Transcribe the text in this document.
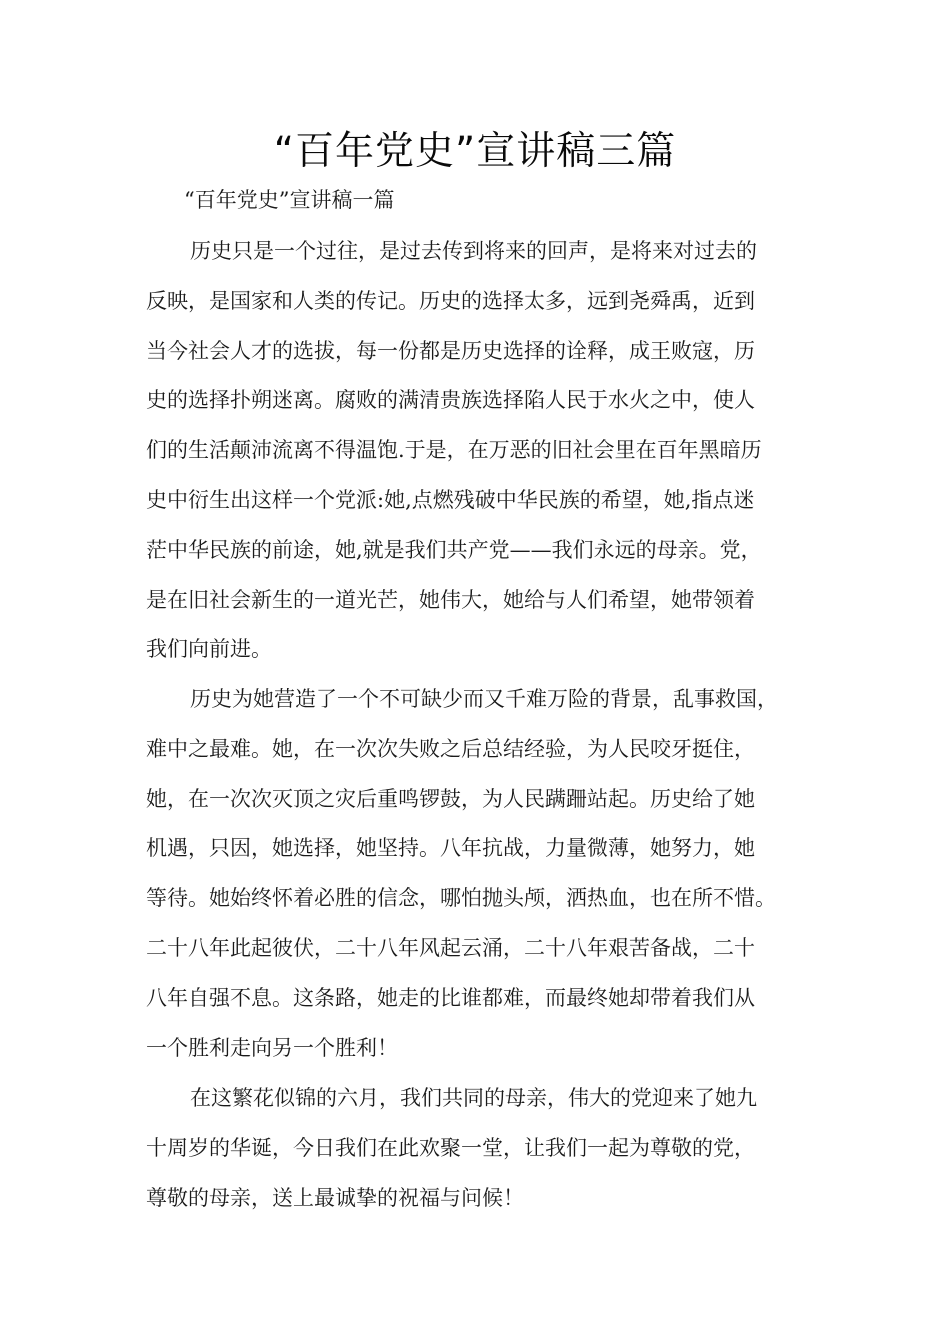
“百年党史”宣讲稿三篇

“百年党史”宣讲稿一篇

历史只是一个过往，是过去传到将来的回声，是将来对过去的
反映，是国家和人类的传记。历史的选择太多，远到尧舜禹，近到
当今社会人才的选拔，每一份都是历史选择的诠释，成王败寇，历
史的选择扑朔迷离。腐败的满清贵族选择陷人民于水火之中，使人
们的生活颠沛流离不得温饱.于是，在万恶的旧社会里在百年黑暗历
史中衍生出这样一个党派:她,点燃残破中华民族的希望，她,指点迷
茫中华民族的前途，她,就是我们共产党——我们永远的母亲。党，
是在旧社会新生的一道光芒，她伟大，她给与人们希望，她带领着
我们向前进。
历史为她营造了一个不可缺少而又千难万险的背景，乱事救国，
难中之最难。她，在一次次失败之后总结经验，为人民咬牙挺住，
她，在一次次灭顶之灾后重鸣锣鼓，为人民蹒跚站起。历史给了她
机遇，只因，她选择，她坚持。八年抗战，力量微薄，她努力，她
等待。她始终怀着必胜的信念，哪怕抛头颅，洒热血，也在所不惜。
二十八年此起彼伏，二十八年风起云涌，二十八年艰苦备战，二十
八年自强不息。这条路，她走的比谁都难，而最终她却带着我们从
一个胜利走向另一个胜利！
在这繁花似锦的六月，我们共同的母亲，伟大的党迎来了她九
十周岁的华诞，今日我们在此欢聚一堂，让我们一起为尊敬的党，
尊敬的母亲，送上最诚挚的祝福与问候！
